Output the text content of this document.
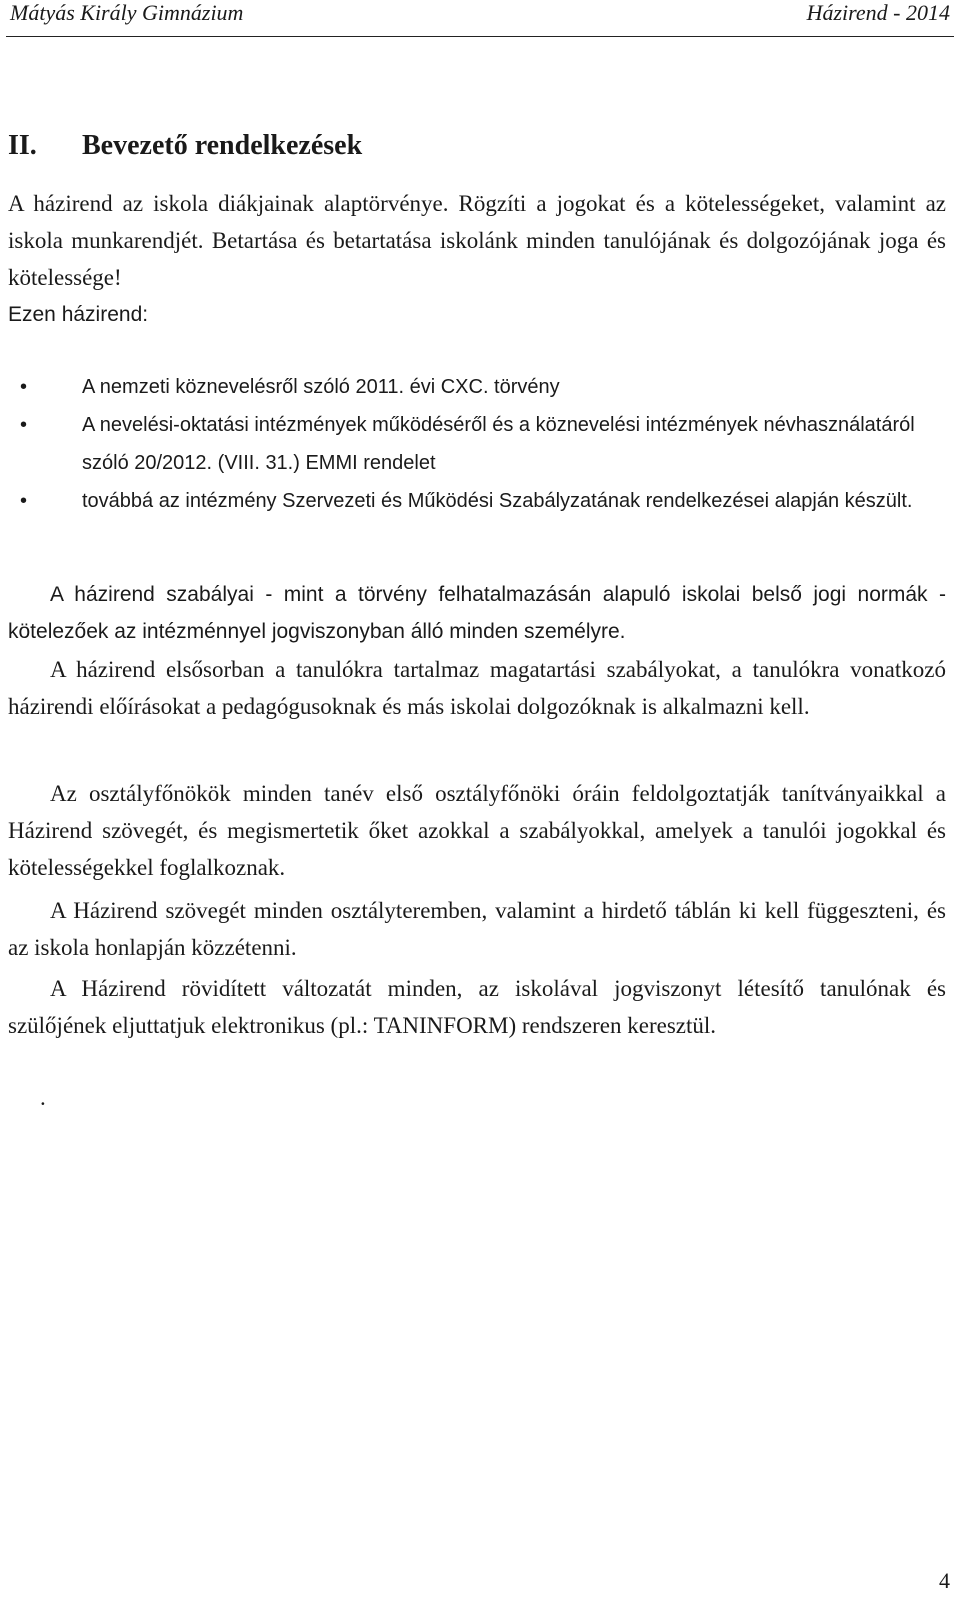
Mátyás Király Gimnázium	Házirend - 2014
II. Bevezető rendelkezések
A házirend az iskola diákjainak alaptörvénye. Rögzíti a jogokat és a kötelességeket, valamint az iskola munkarendjét. Betartása és betartatása iskolánk minden tanulójának és dolgozójának joga és kötelessége!
Ezen házirend:
•	A nemzeti köznevelésről szóló 2011. évi CXC. törvény
•	A nevelési-oktatási intézmények működéséről és a köznevelési intézmények névhasználatáról szóló 20/2012. (VIII. 31.) EMMI rendelet
•	továbbá az intézmény Szervezeti és Működési Szabályzatának rendelkezései alapján készült.
A házirend szabályai - mint a törvény felhatalmazásán alapuló iskolai belső jogi normák - kötelezőek az intézménnyel jogviszonyban álló minden személyre.
A házirend elsősorban a tanulókra tartalmaz magatartási szabályokat, a tanulókra vonatkozó házirendi előírásokat a pedagógusoknak és más iskolai dolgozóknak is alkalmazni kell.
Az osztályfőnökök minden tanév első osztályfőnöki óráin feldolgoztatják tanítványaikkal a Házirend szövegét, és megismertetik őket azokkal a szabályokkal, amelyek a tanulói jogokkal és kötelességekkel foglalkoznak.
A Házirend szövegét minden osztályteremben, valamint a hirdető táblán ki kell függeszteni, és az iskola honlapján közzétenni.
A Házirend rövidített változatát minden, az iskolával jogviszonyt létesítő tanulónak és szülőjének eljuttatjuk elektronikus (pl.: TANINFORM) rendszeren keresztül.
.
4
